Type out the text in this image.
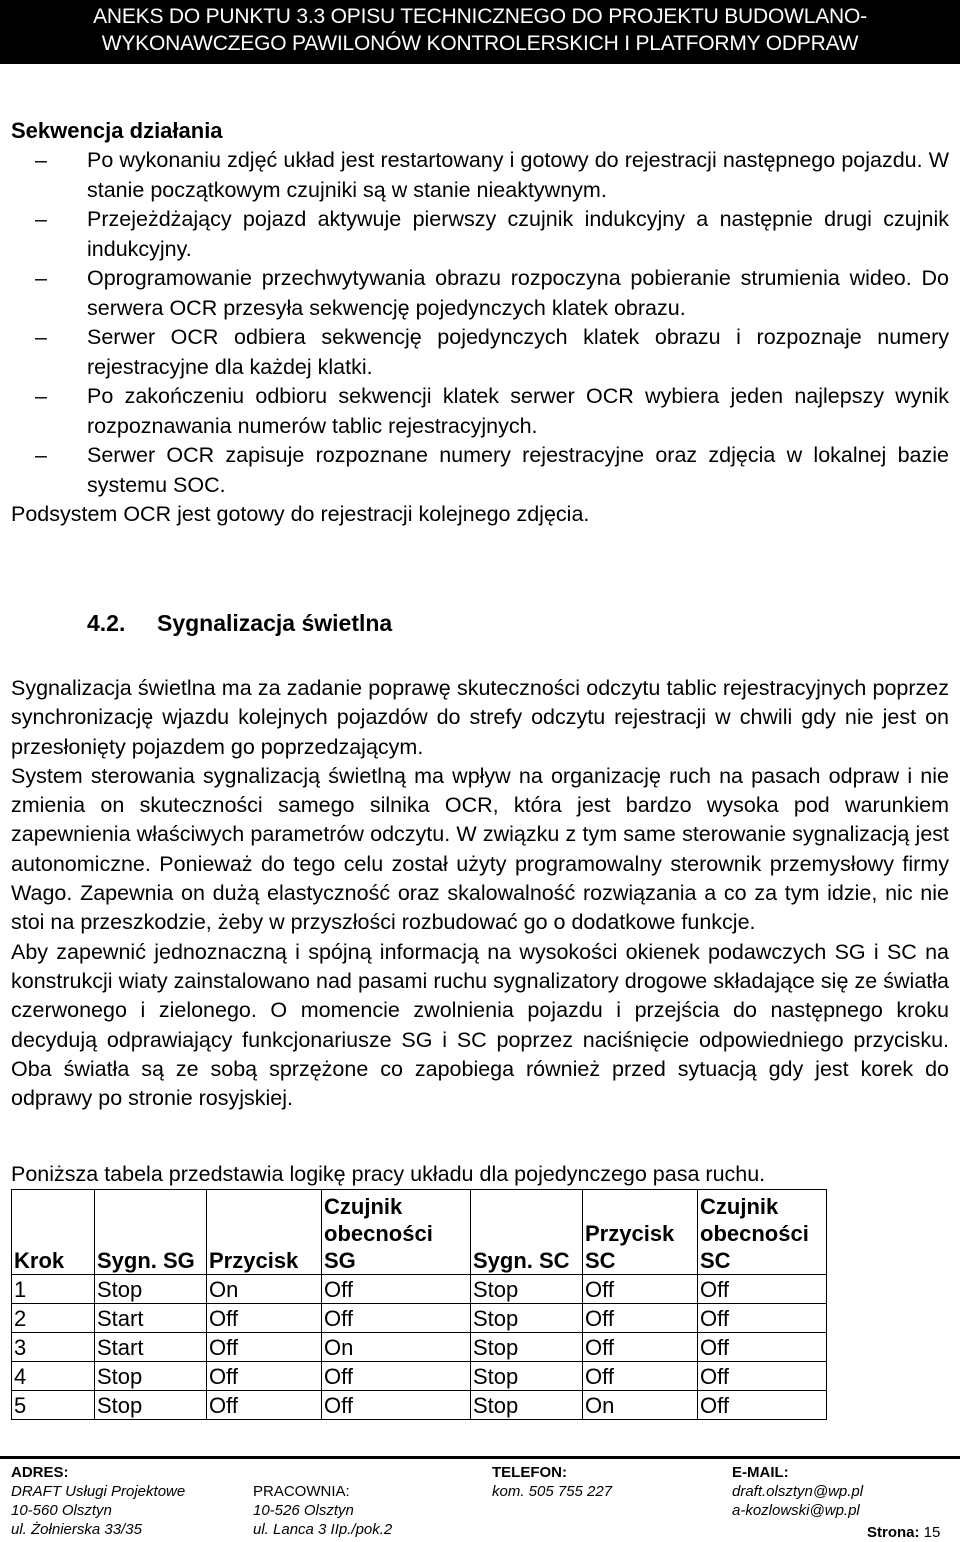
ANEKS DO PUNKTU 3.3 OPISU TECHNICZNEGO DO PROJEKTU BUDOWLANO-
WYKONAWCZEGO PAWILONÓW KONTROLERSKICH I PLATFORMY ODPRAW

Sekwencja działania

– Po wykonaniu zdjęć układ jest restartowany i gotowy do rejestracji następnego pojazdu. W stanie początkowym czujniki są w stanie nieaktywnym.
– Przejeżdżający pojazd aktywuje pierwszy czujnik indukcyjny a następnie drugi czujnik indukcyjny.
– Oprogramowanie przechwytywania obrazu rozpoczyna pobieranie strumienia wideo. Do serwera OCR przesyła sekwencję pojedynczych klatek obrazu.
– Serwer OCR odbiera sekwencję pojedynczych klatek obrazu i rozpoznaje numery rejestracyjne dla każdej klatki.
– Po zakończeniu odbioru sekwencji klatek serwer OCR wybiera jeden najlepszy wynik rozpoznawania numerów tablic rejestracyjnych.
– Serwer OCR zapisuje rozpoznane numery rejestracyjne oraz zdjęcia w lokalnej bazie systemu SOC.

Podsystem OCR jest gotowy do rejestracji kolejnego zdjęcia.

4.2. Sygnalizacja świetlna

Sygnalizacja świetlna ma za zadanie poprawę skuteczności odczytu tablic rejestracyjnych poprzez synchronizację wjazdu kolejnych pojazdów do strefy odczytu rejestracji w chwili gdy nie jest on przesłonięty pojazdem go poprzedzającym.

System sterowania sygnalizacją świetlną ma wpływ na organizację ruch na pasach odpraw i nie zmienia on skuteczności samego silnika OCR, która jest bardzo wysoka pod warunkiem zapewnienia właściwych parametrów odczytu. W związku z tym same sterowanie sygnalizacją jest autonomiczne. Ponieważ do tego celu został użyty programowalny sterownik przemysłowy firmy Wago. Zapewnia on dużą elastyczność oraz skalowalność rozwiązania a co za tym idzie, nic nie stoi na przeszkodzie, żeby w przyszłości rozbudować go o dodatkowe funkcje.

Aby zapewnić jednoznaczną i spójną informacją na wysokości okienek podawczych SG i SC na konstrukcji wiaty zainstalowano nad pasami ruchu sygnalizatory drogowe składające się ze światła czerwonego i zielonego. O momencie zwolnienia pojazdu i przejścia do następnego kroku decydują odprawiający funkcjonariusze SG i SC poprzez naciśnięcie odpowiedniego przycisku. Oba światła są ze sobą sprzężone co zapobiega również przed sytuacją gdy jest korek do odprawy po stronie rosyjskiej.

Poniższa tabela przedstawia logikę pracy układu dla pojedynczego pasa ruchu.
Krok	Sygn. SG	Przycisk	Czujnik obecności SG	Sygn. SC	Przycisk SC	Czujnik obecności SC
1	Stop	On	Off	Stop	Off	Off
2	Start	Off	Off	Stop	Off	Off
3	Start	Off	On	Stop	Off	Off
4	Stop	Off	Off	Stop	Off	Off
5	Stop	Off	Off	Stop	On	Off
ADRES:
DRAFT Usługi Projektowe
10-560 Olsztyn
ul. Żołnierska 33/35
PRACOWNIA:
10-526 Olsztyn
ul. Lanca 3 IIp./pok.2
TELEFON:
kom. 505 755 227
E-MAIL:
draft.olsztyn@wp.pl
a-kozlowski@wp.pl
Strona: 15
